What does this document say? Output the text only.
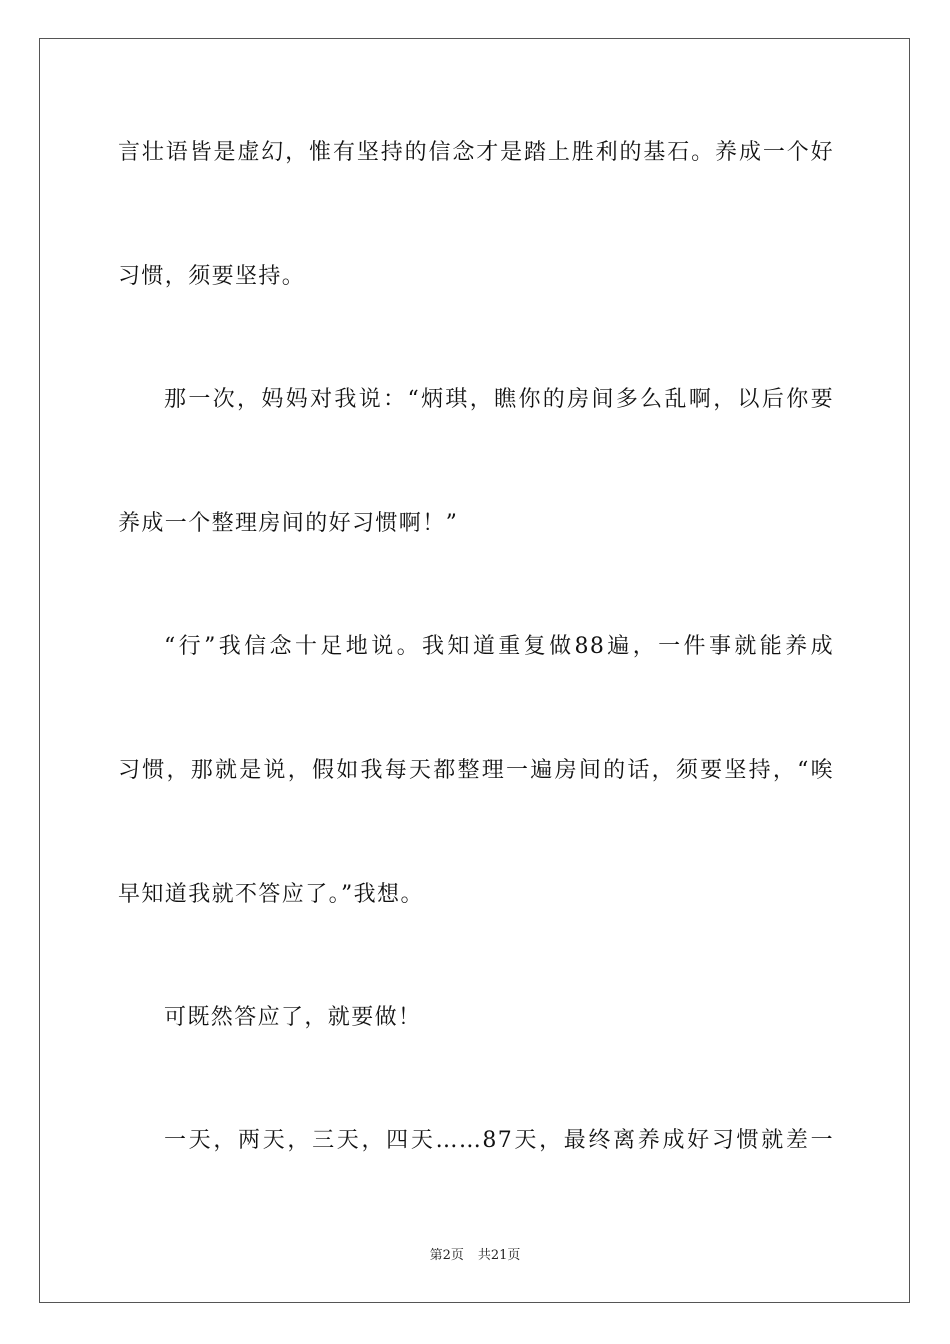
言壮语皆是虚幻，惟有坚持的信念才是踏上胜利的基石。养成一个好
习惯，须要坚持。
那一次，妈妈对我说：“炳琪，瞧你的房间多么乱啊，以后你要
养成一个整理房间的好习惯啊！”
“行”我信念十足地说。我知道重复做88遍，一件事就能养成
习惯，那就是说，假如我每天都整理一遍房间的话，须要坚持，“唉
早知道我就不答应了。”我想。
可既然答应了，就要做！
一天，两天，三天，四天……87天，最终离养成好习惯就差一
第2页 共21页
